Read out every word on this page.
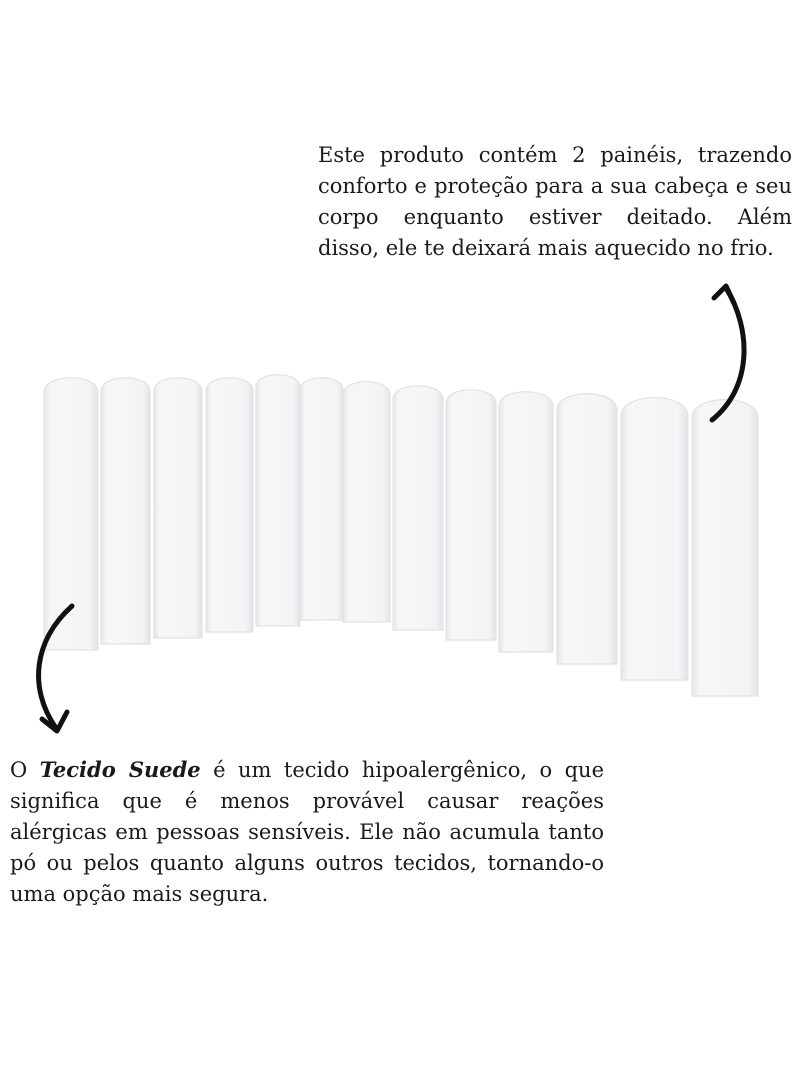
Este produto contém 2 painéis, trazendo
conforto e proteção para a sua cabeça e seu
corpo enquanto estiver deitado. Além
disso, ele te deixará mais aquecido no frio.

O Tecido Suede é um tecido hipoalergênico, o que
significa que é menos provável causar reações
alérgicas em pessoas sensíveis. Ele não acumula tanto
pó ou pelos quanto alguns outros tecidos, tornando-o
uma opção mais segura.
